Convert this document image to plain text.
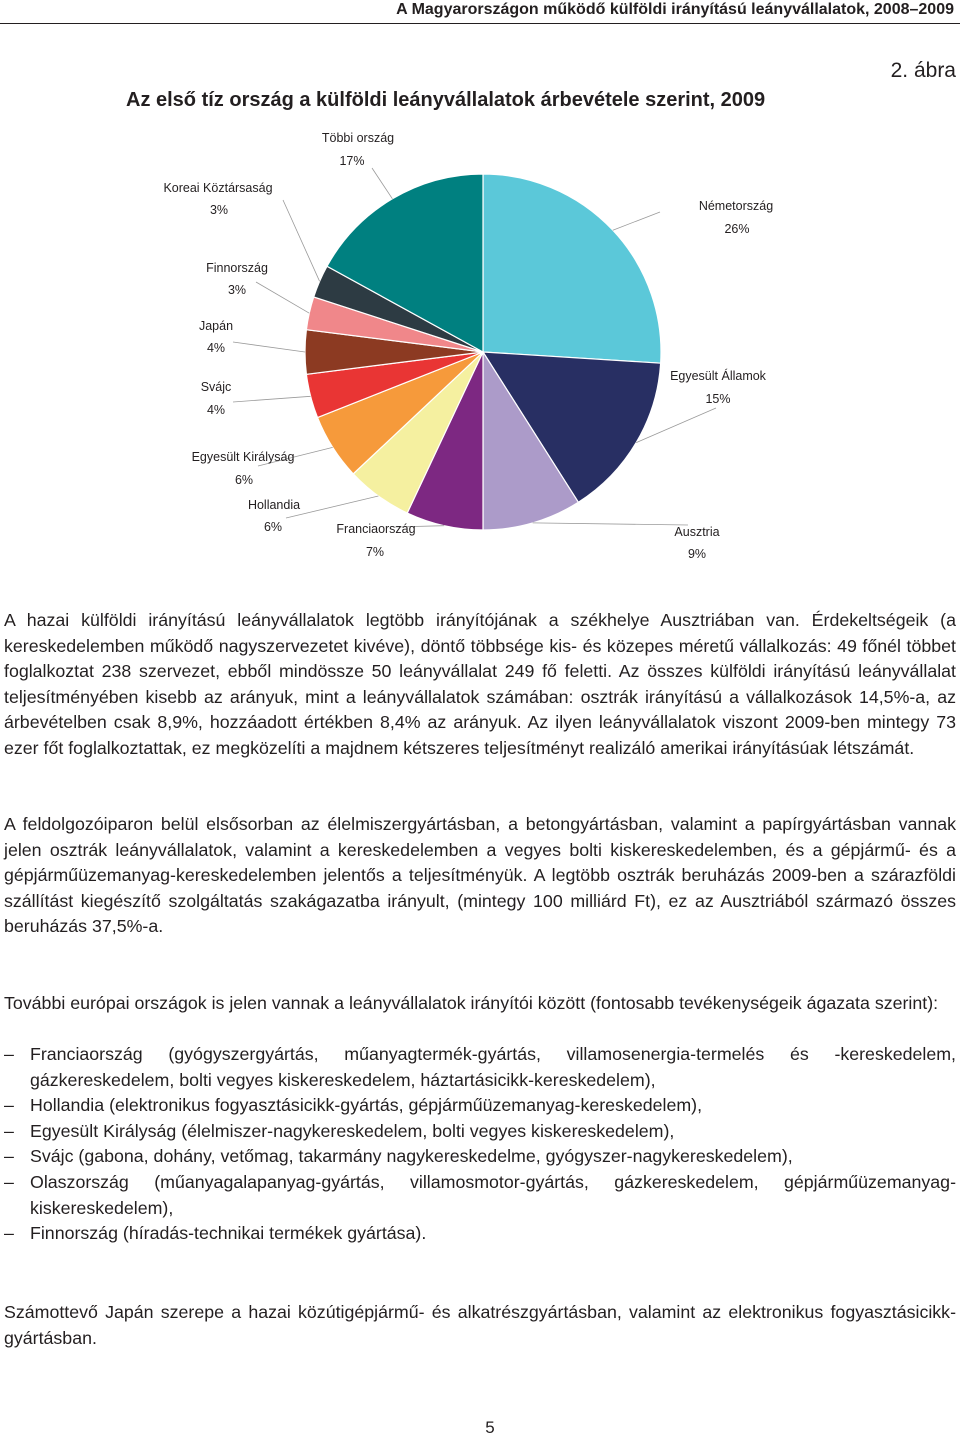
A Magyarországon működő külföldi irányítású leányvállalatok, 2008–2009
2. ábra
Az első tíz ország a külföldi leányvállalatok árbevétele szerint, 2009
Többi ország
17%
Koreai Köztársaság
3%	Németország
26%
Finnország
3%
Japán
4%
Egyesült Államok
15%
Svájc
4%
Egyesült Királyság
6%
Hollandia
6%	Franciaország
7%
Ausztria
9%

A hazai külföldi irányítású leányvállalatok legtöbb irányítójának a székhelye Ausztriában van. Érdekeltségeik (a kereskedelemben működő nagyszervezetet kivéve), döntő többsége kis- és közepes méretű vállalkozás: 49 főnél többet foglalkoztat 238 szervezet, ebből mindössze 50 leányvállalat 249 fő feletti. Az összes külföldi irányítású leányvállalat teljesítményében kisebb az arányuk, mint a leányvállalatok számában: osztrák irányítású a vállalkozások 14,5%-a, az árbevételben csak 8,9%, hozzáadott értékben 8,4% az arányuk. Az ilyen leányvállalatok viszont 2009-ben mintegy 73 ezer főt foglalkoztattak, ez megközelíti a majdnem kétszeres teljesítményt realizáló amerikai irányításúak létszámát.

A feldolgozóiparon belül elsősorban az élelmiszergyártásban, a betongyártásban, valamint a papírgyártásban vannak jelen osztrák leányvállalatok, valamint a kereskedelemben a vegyes bolti kiskereskedelemben, és a gépjármű- és a gépjárműüzemanyag-kereskedelemben jelentős a teljesítményük. A legtöbb osztrák beruházás 2009-ben a szárazföldi szállítást kiegészítő szolgáltatás szakágazatba irányult, (mintegy 100 milliárd Ft), ez az Ausztriából származó összes beruházás 37,5%-a.

További európai országok is jelen vannak a leányvállalatok irányítói között (fontosabb tevékenységeik ágazata szerint):

– Franciaország (gyógyszergyártás, műanyagtermék-gyártás, villamosenergia-termelés és -kereskedelem, gázkereskedelem, bolti vegyes kiskereskedelem, háztartásicikk-kereskedelem),
– Hollandia (elektronikus fogyasztásicikk-gyártás, gépjárműüzemanyag-kereskedelem),
– Egyesült Királyság (élelmiszer-nagykereskedelem, bolti vegyes kiskereskedelem),
– Svájc (gabona, dohány, vetőmag, takarmány nagykereskedelme, gyógyszer-nagykereskedelem),
– Olaszország (műanyagalapanyag-gyártás, villamosmotor-gyártás, gázkereskedelem, gépjárműüzemanyag-kiskereskedelem),
– Finnország (híradás-technikai termékek gyártása).

Számottevő Japán szerepe a hazai közútigépjármű- és alkatrészgyártásban, valamint az elektronikus fogyasztásicikk-gyártásban.

5
